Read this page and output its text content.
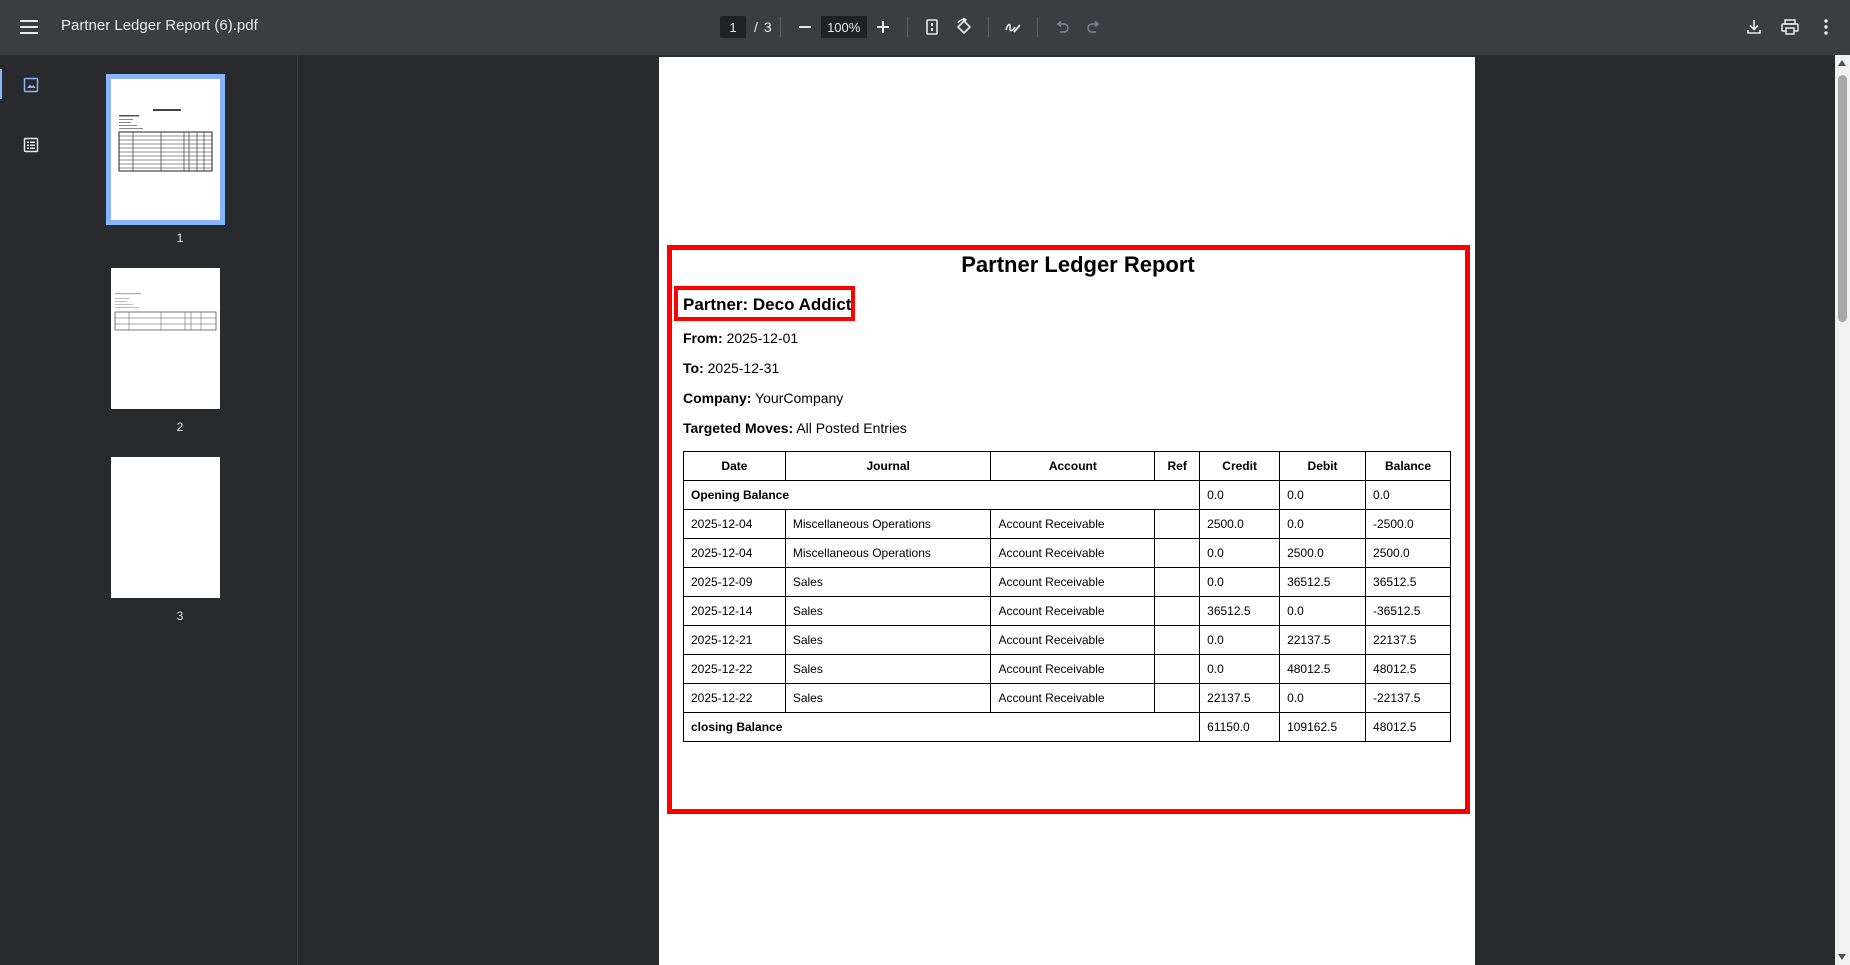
Partner Ledger Report (6).pdf	1	/ 3	100%
1
2
3
Partner Ledger Report
Partner: Deco Addict
From: 2025-12-01
To: 2025-12-31
Company: YourCompany
Targeted Moves: All Posted Entries
Date	Journal	Account	Ref	Credit	Debit	Balance
Opening Balance				0.0	0.0	0.0
2025-12-04	Miscellaneous Operations	Account Receivable		2500.0	0.0	-2500.0
2025-12-04	Miscellaneous Operations	Account Receivable		0.0	2500.0	2500.0
2025-12-09	Sales	Account Receivable		0.0	36512.5	36512.5
2025-12-14	Sales	Account Receivable		36512.5	0.0	-36512.5
2025-12-21	Sales	Account Receivable		0.0	22137.5	22137.5
2025-12-22	Sales	Account Receivable		0.0	48012.5	48012.5
2025-12-22	Sales	Account Receivable		22137.5	0.0	-22137.5
closing Balance				61150.0	109162.5	48012.5
